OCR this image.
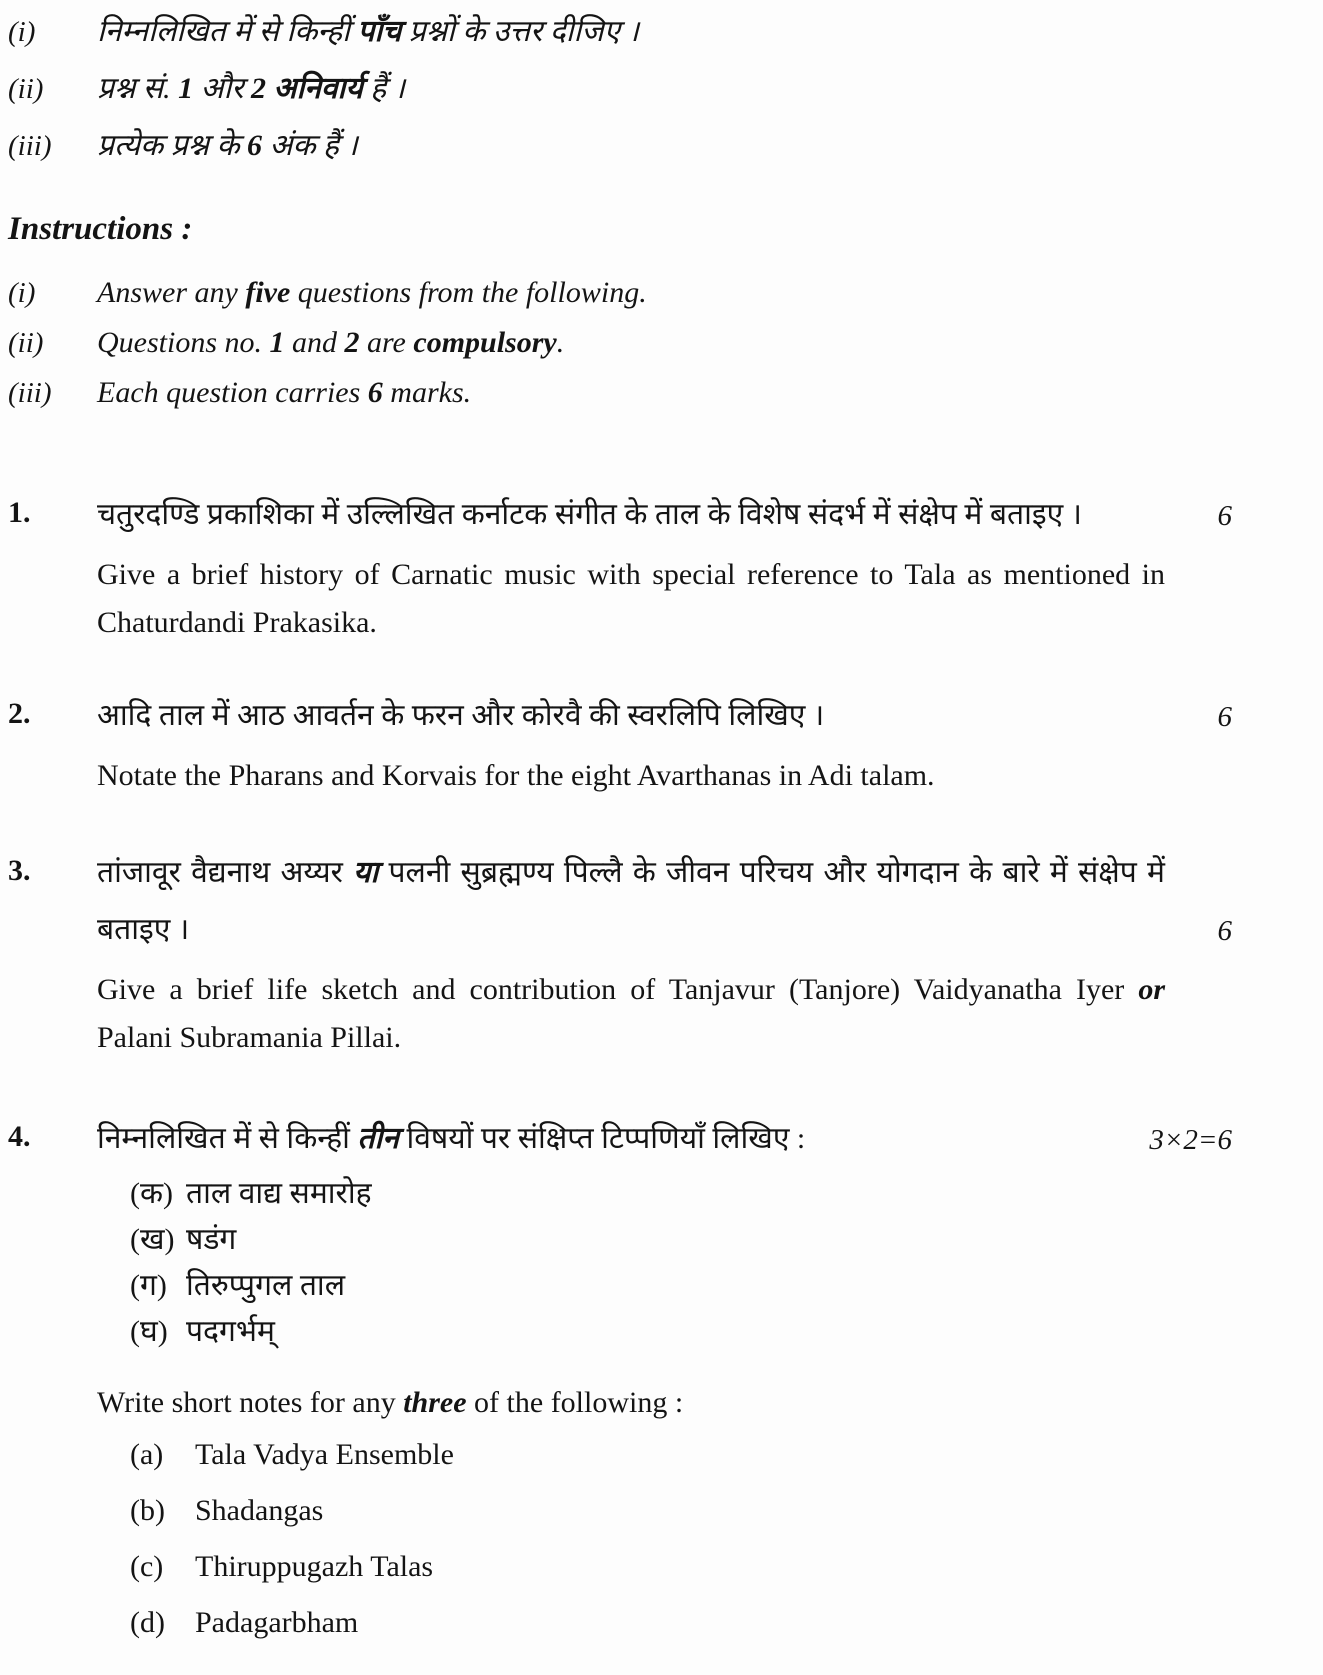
(i)	निम्नलिखित में से किन्हीं पाँच प्रश्नों के उत्तर दीजिए ।
(ii)	प्रश्न सं. 1 और 2 अनिवार्य हैं ।
(iii)	प्रत्येक प्रश्न के 6 अंक हैं ।
Instructions :
(i)	Answer any five questions from the following.
(ii)	Questions no. 1 and 2 are compulsory.
(iii)	Each question carries 6 marks.
1. चतुरदण्डि प्रकाशिका में उल्लिखित कर्नाटक संगीत के ताल के विशेष संदर्भ में संक्षेप में बताइए ।	6

Give a brief history of Carnatic music with special reference to Tala as mentioned in Chaturdandi Prakasika.

2. आदि ताल में आठ आवर्तन के फरन और कोरवै की स्वरलिपि लिखिए ।	6

Notate the Pharans and Korvais for the eight Avarthanas in Adi talam.

3. तांजावूर वैद्यनाथ अय्यर या पलनी सुब्रह्मण्य पिल्लै के जीवन परिचय और योगदान के बारे में संक्षेप में बताइए ।	6

Give a brief life sketch and contribution of Tanjavur (Tanjore) Vaidyanatha Iyer or Palani Subramania Pillai.

4. निम्नलिखित में से किन्हीं तीन विषयों पर संक्षिप्त टिप्पणियाँ लिखिए :	3×2=6
(क) ताल वाद्य समारोह
(ख) षडंग
(ग) तिरुप्पुगल ताल
(घ) पदगर्भम्

Write short notes for any three of the following :

(a)	Tala Vadya Ensemble
(b)	Shadangas
(c)	Thiruppugazh Talas
(d)	Padagarbham
